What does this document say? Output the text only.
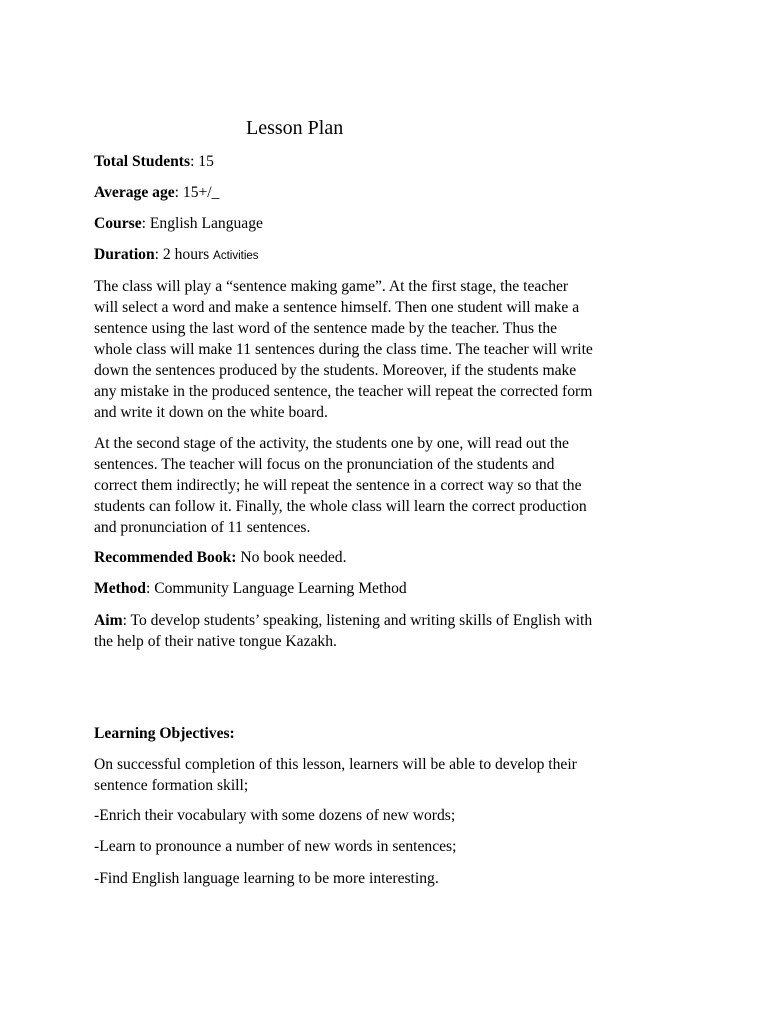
Lesson Plan

Total Students: 15

Average age: 15+/_

Course: English Language

Duration: 2 hours Activities

The class will play a “sentence making game”. At the first stage, the teacher
will select a word and make a sentence himself. Then one student will make a
sentence using the last word of the sentence made by the teacher. Thus the
whole class will make 11 sentences during the class time. The teacher will write
down the sentences produced by the students. Moreover, if the students make
any mistake in the produced sentence, the teacher will repeat the corrected form
and write it down on the white board.
At the second stage of the activity, the students one by one, will read out the
sentences. The teacher will focus on the pronunciation of the students and
correct them indirectly; he will repeat the sentence in a correct way so that the
students can follow it. Finally, the whole class will learn the correct production
and pronunciation of 11 sentences.

Recommended Book: No book needed.

Method: Community Language Learning Method

Aim: To develop students’ speaking, listening and writing skills of English with
the help of their native tongue Kazakh.

Learning Objectives:

On successful completion of this lesson, learners will be able to develop their
sentence formation skill;

-Enrich their vocabulary with some dozens of new words;

-Learn to pronounce a number of new words in sentences;

-Find English language learning to be more interesting.
